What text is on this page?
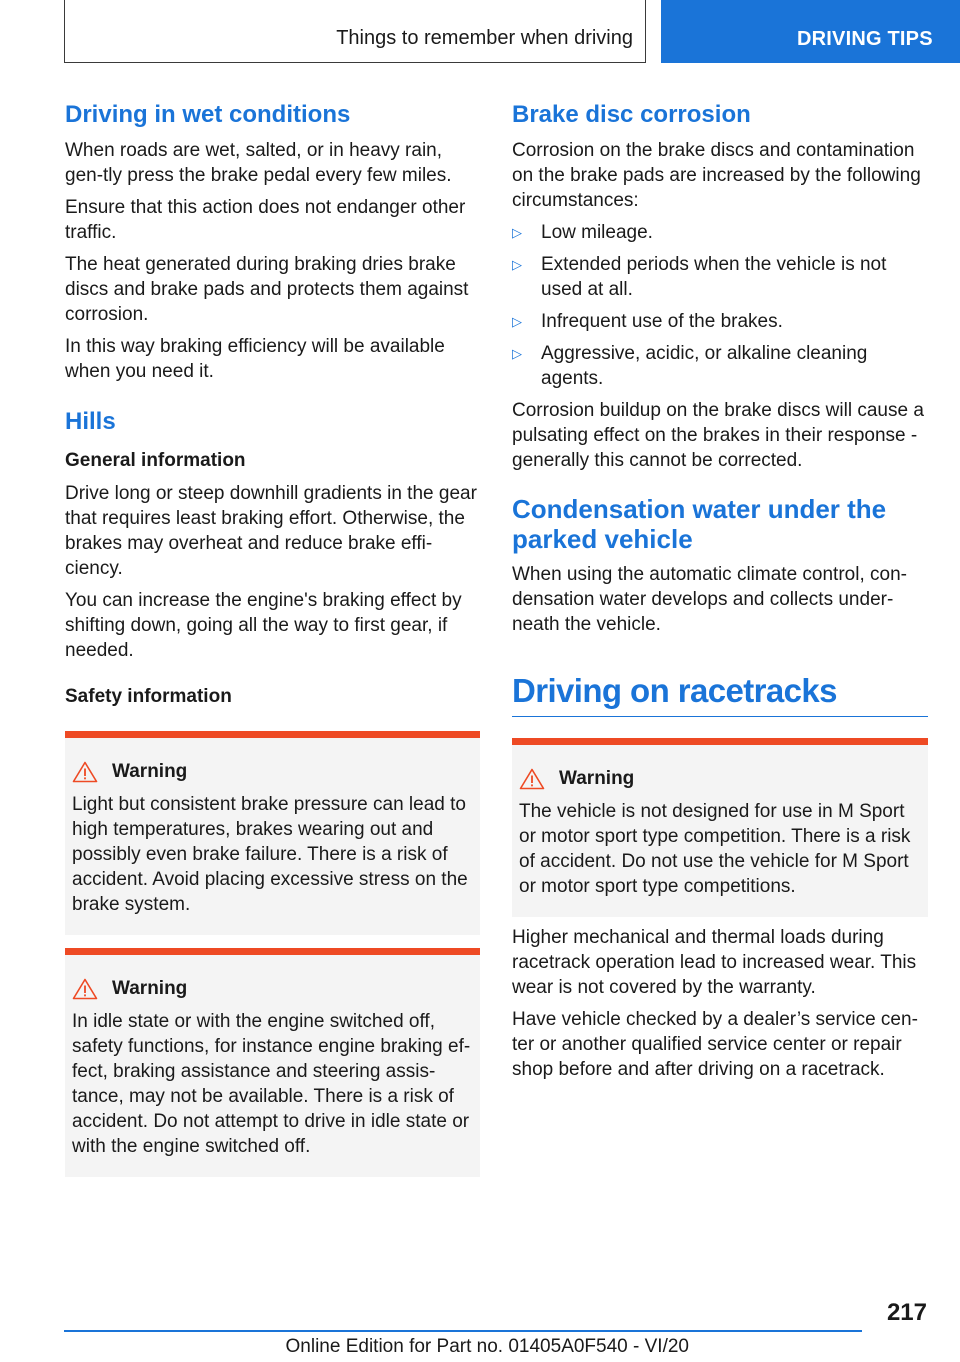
Things to remember when driving	DRIVING TIPS
Driving in wet conditions

When roads are wet, salted, or in heavy rain, gen-tly press the brake pedal every few miles.

Ensure that this action does not endanger other traffic.

The heat generated during braking dries brake discs and brake pads and protects them against corrosion.

In this way braking efficiency will be available when you need it.

Hills
General information

Drive long or steep downhill gradients in the gear that requires least braking effort. Otherwise, the brakes may overheat and reduce brake effi-ciency.

You can increase the engine's braking effect by shifting down, going all the way to first gear, if needed.

Safety information
Warning

Light but consistent brake pressure can lead to high temperatures, brakes wearing out and possibly even brake failure. There is a risk of accident. Avoid placing excessive stress on the brake system.

Warning

In idle state or with the engine switched off, safety functions, for instance engine braking ef-fect, braking assistance and steering assis-tance, may not be available. There is a risk of accident. Do not attempt to drive in idle state or with the engine switched off.

Brake disc corrosion

Corrosion on the brake discs and contamination on the brake pads are increased by the following circumstances:

▷ Low mileage.
▷ Extended periods when the vehicle is not used at all.
▷ Infrequent use of the brakes.
▷ Aggressive, acidic, or alkaline cleaning agents.

Corrosion buildup on the brake discs will cause a pulsating effect on the brakes in their response - generally this cannot be corrected.

Condensation water under the parked vehicle

When using the automatic climate control, con-densation water develops and collects under-neath the vehicle.

Driving on racetracks
Warning

The vehicle is not designed for use in M Sport or motor sport type competition. There is a risk of accident. Do not use the vehicle for M Sport or motor sport type competitions.

Higher mechanical and thermal loads during racetrack operation lead to increased wear. This wear is not covered by the warranty.

Have vehicle checked by a dealer’s service cen-ter or another qualified service center or repair shop before and after driving on a racetrack.

217
Online Edition for Part no. 01405A0F540 - VI/20
